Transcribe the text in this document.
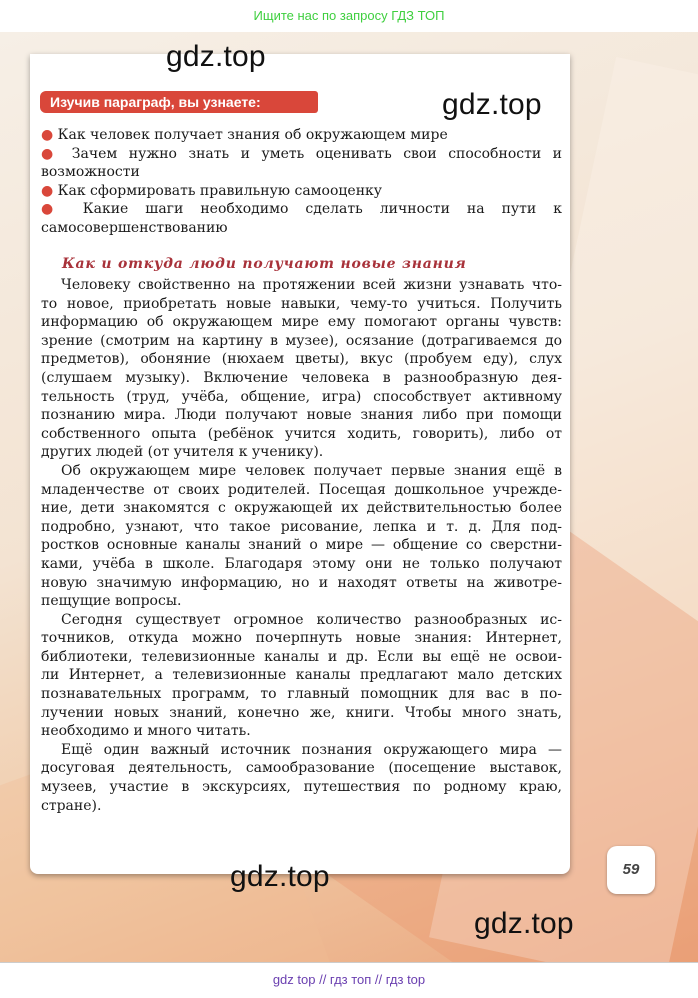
Ищите нас по запросу ГДЗ ТОП
gdz.top
gdz.top
Изучив параграф, вы узнаете:
● Как человек получает знания об окружающем мире
● Зачем нужно знать и уметь оценивать свои способности и возможности
● Как сформировать правильную самооценку
● Какие шаги необходимо сделать личности на пути к самосовершенствованию
Как и откуда люди получают новые знания
Человеку свойственно на протяжении всей жизни узнавать что-
то новое, приобретать новые навыки, чему-то учиться. Получить
информацию об окружающем мире ему помогают органы чувств:
зрение (смотрим на картину в музее), осязание (дотрагиваемся до
предметов), обоняние (нюхаем цветы), вкус (пробуем еду), слух
(слушаем музыку). Включение человека в разнообразную дея-
тельность (труд, учёба, общение, игра) способствует активному
познанию мира. Люди получают новые знания либо при помощи
собственного опыта (ребёнок учится ходить, говорить), либо от
других людей (от учителя к ученику).
Об окружающем мире человек получает первые знания ещё в
младенчестве от своих родителей. Посещая дошкольное учрежде-
ние, дети знакомятся с окружающей их действительностью более
подробно, узнают, что такое рисование, лепка и т. д. Для под-
ростков основные каналы знаний о мире — общение со сверстни-
ками, учёба в школе. Благодаря этому они не только получают
новую значимую информацию, но и находят ответы на животре-
пещущие вопросы.
Сегодня существует огромное количество разнообразных ис-
точников, откуда можно почерпнуть новые знания: Интернет,
библиотеки, телевизионные каналы и др. Если вы ещё не освои-
ли Интернет, а телевизионные каналы предлагают мало детских
познавательных программ, то главный помощник для вас в по-
лучении новых знаний, конечно же, книги. Чтобы много знать,
необходимо и много читать.
Ещё один важный источник познания окружающего мира —
досуговая деятельность, самообразование (посещение выставок,
музеев, участие в экскурсиях, путешествия по родному краю,
стране).
gdz.top
gdz.top
59
gdz top // гдз топ // гдз top
